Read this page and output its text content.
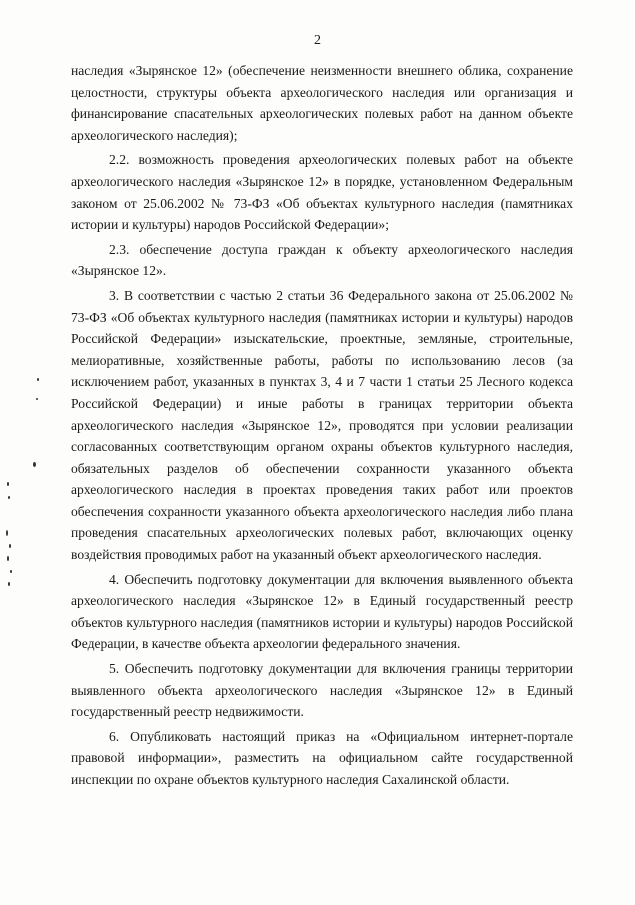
2

наследия «Зырянское 12» (обеспечение неизменности внешнего облика, сохранение целостности, структуры объекта археологического наследия или организация и финансирование спасательных археологических полевых работ на данном объекте археологического наследия);

2.2. возможность проведения археологических полевых работ на объекте археологического наследия «Зырянское 12» в порядке, установленном Федеральным законом от 25.06.2002 № 73-ФЗ «Об объектах культурного наследия (памятниках истории и культуры) народов Российской Федерации»;

2.3. обеспечение доступа граждан к объекту археологического наследия «Зырянское 12».

3. В соответствии с частью 2 статьи 36 Федерального закона от 25.06.2002 № 73-ФЗ «Об объектах культурного наследия (памятниках истории и культуры) народов Российской Федерации» изыскательские, проектные, земляные, строительные, мелиоративные, хозяйственные работы, работы по использованию лесов (за исключением работ, указанных в пунктах 3, 4 и 7 части 1 статьи 25 Лесного кодекса Российской Федерации) и иные работы в границах территории объекта археологического наследия «Зырянское 12», проводятся при условии реализации согласованных соответствующим органом охраны объектов культурного наследия, обязательных разделов об обеспечении сохранности указанного объекта археологического наследия в проектах проведения таких работ или проектов обеспечения сохранности указанного объекта археологического наследия либо плана проведения спасательных археологических полевых работ, включающих оценку воздействия проводимых работ на указанный объект археологического наследия.

4. Обеспечить подготовку документации для включения выявленного объекта археологического наследия «Зырянское 12» в Единый государственный реестр объектов культурного наследия (памятников истории и культуры) народов Российской Федерации, в качестве объекта археологии федерального значения.

5. Обеспечить подготовку документации для включения границы территории выявленного объекта археологического наследия «Зырянское 12» в Единый государственный реестр недвижимости.

6. Опубликовать настоящий приказ на «Официальном интернет-портале правовой информации», разместить на официальном сайте государственной инспекции по охране объектов культурного наследия Сахалинской области.
